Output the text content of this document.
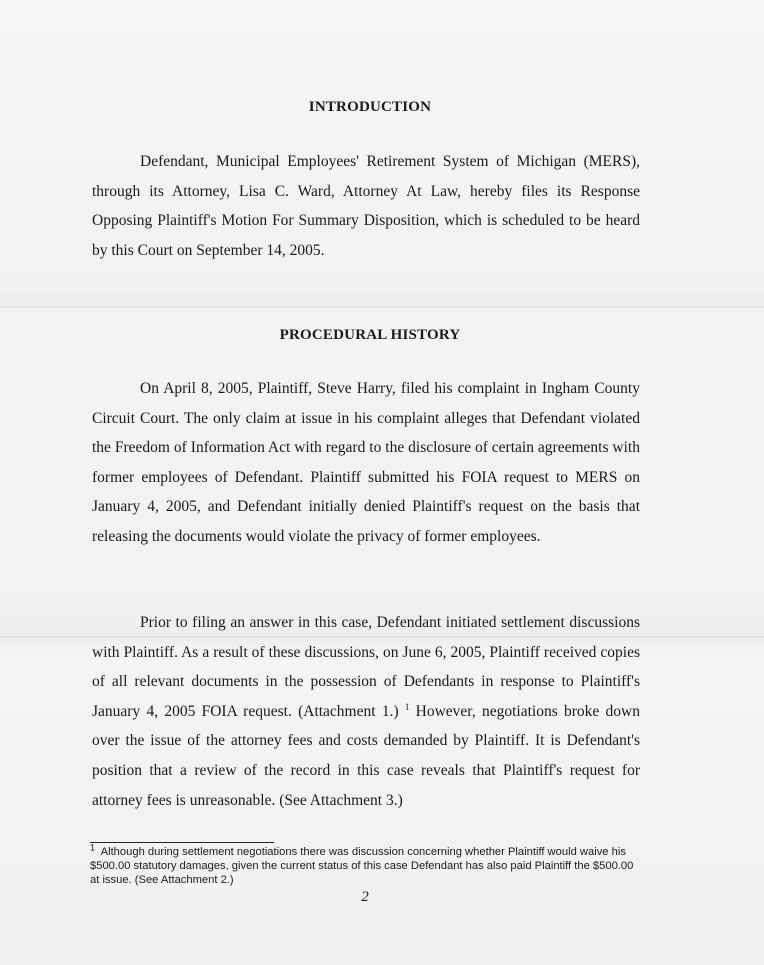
INTRODUCTION

Defendant, Municipal Employees' Retirement System of Michigan (MERS), through its Attorney, Lisa C. Ward, Attorney At Law, hereby files its Response Opposing Plaintiff's Motion For Summary Disposition, which is scheduled to be heard by this Court on September 14, 2005.

PROCEDURAL HISTORY

On April 8, 2005, Plaintiff, Steve Harry, filed his complaint in Ingham County Circuit Court. The only claim at issue in his complaint alleges that Defendant violated the Freedom of Information Act with regard to the disclosure of certain agreements with former employees of Defendant. Plaintiff submitted his FOIA request to MERS on January 4, 2005, and Defendant initially denied Plaintiff's request on the basis that releasing the documents would violate the privacy of former employees.

Prior to filing an answer in this case, Defendant initiated settlement discussions with Plaintiff. As a result of these discussions, on June 6, 2005, Plaintiff received copies of all relevant documents in the possession of Defendants in response to Plaintiff's January 4, 2005 FOIA request. (Attachment 1.) $^1$ However, negotiations broke down over the issue of the attorney fees and costs demanded by Plaintiff. It is Defendant's position that a review of the record in this case reveals that Plaintiff's request for attorney fees is unreasonable. (See Attachment 3.)

$^1$ Although during settlement negotiations there was discussion concerning whether Plaintiff would waive his $500.00 statutory damages, given the current status of this case Defendant has also paid Plaintiff the $500.00 at issue. (See Attachment 2.)

2
